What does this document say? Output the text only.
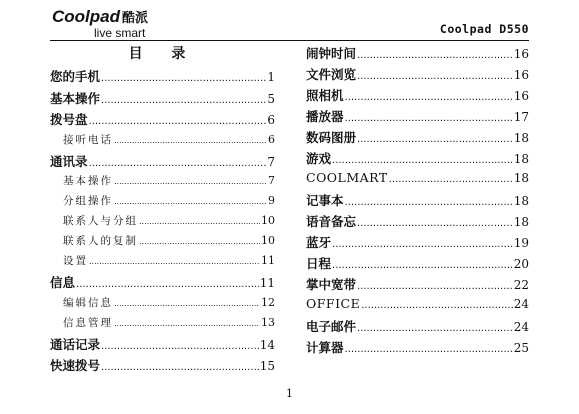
Coolpad 酷派
live smart	Coolpad D550
目 录
您的手机 .....	1
基本操作 .....	5
拨号盘 .....	6
接听电话 .....	6
通讯录 .....	7
基本操作 .....	7
分组操作 .....	9
联系人与分组 .....	10
联系人的复制 .....	10
设置 .....	11
信息 .....	11
编辑信息 .....	12
信息管理 .....	13
通话记录 .....	14
快速拨号 .....	15
闹钟时间 .....	16
文件浏览 .....	16
照相机 .....	16
播放器 .....	17
数码图册 .....	18
游戏 .....	18
COOLMART .....	18
记事本 .....	18
语音备忘 .....	18
蓝牙 .....	19
日程 .....	20
掌中宽带 .....	22
OFFICE .....	24
电子邮件 .....	24
计算器 .....	25
1
